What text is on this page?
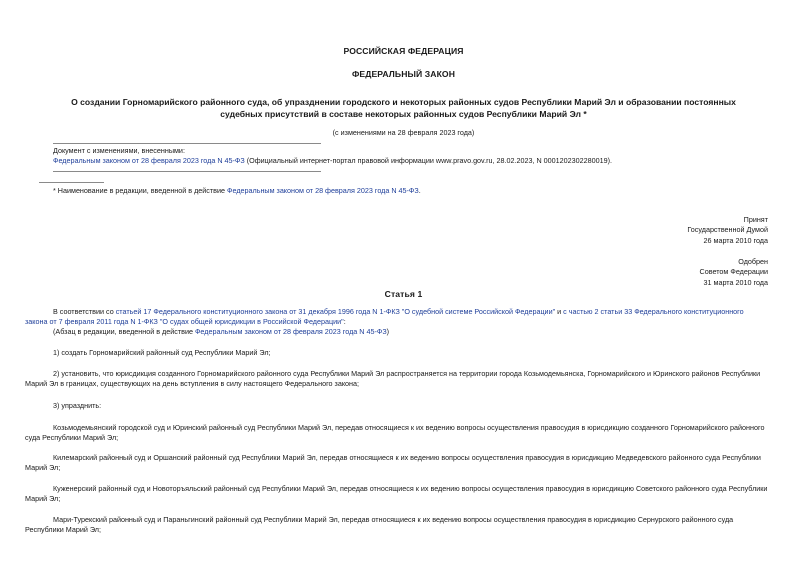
РОССИЙСКАЯ ФЕДЕРАЦИЯ
ФЕДЕРАЛЬНЫЙ ЗАКОН
О создании Горномарийского районного суда, об упразднении городского и некоторых районных судов Республики Марий Эл и образовании постоянных
судебных присутствий в составе некоторых районных судов Республики Марий Эл *
(с изменениями на 28 февраля 2023 года)
Документ с изменениями, внесенными:
Федеральным законом от 28 февраля 2023 года N 45-ФЗ (Официальный интернет-портал правовой информации www.pravo.gov.ru, 28.02.2023, N 0001202302280019).
* Наименование в редакции, введенной в действие Федеральным законом от 28 февраля 2023 года N 45-ФЗ.
Принят
Государственной Думой
26 марта 2010 года
Одобрен
Советом Федерации
31 марта 2010 года
Статья 1
В соответствии со статьей 17 Федерального конституционного закона от 31 декабря 1996 года N 1-ФКЗ "О судебной системе Российской Федерации" и с частью 2 статьи 33 Федерального конституционного
закона от 7 февраля 2011 года N 1-ФКЗ "О судах общей юрисдикции в Российской Федерации":
(Абзац в редакции, введенной в действие Федеральным законом от 28 февраля 2023 года N 45-ФЗ)
1) создать Горномарийский районный суд Республики Марий Эл;
2) установить, что юрисдикция созданного Горномарийского районного суда Республики Марий Эл распространяется на территории города Козьмодемьянска, Горномарийского и Юринского районов Республики
Марий Эл в границах, существующих на день вступления в силу настоящего Федерального закона;
3) упразднить:
Козьмодемьянский городской суд и Юринский районный суд Республики Марий Эл, передав относящиеся к их ведению вопросы осуществления правосудия в юрисдикцию созданного Горномарийского районного
суда Республики Марий Эл;
Килемарский районный суд и Оршанский районный суд Республики Марий Эл, передав относящиеся к их ведению вопросы осуществления правосудия в юрисдикцию Медведевского районного суда Республики
Марий Эл;
Куженерский районный суд и Новоторъяльский районный суд Республики Марий Эл, передав относящиеся к их ведению вопросы осуществления правосудия в юрисдикцию Советского районного суда Республики
Марий Эл;
Мари-Турекский районный суд и Параньгинский районный суд Республики Марий Эл, передав относящиеся к их ведению вопросы осуществления правосудия в юрисдикцию Сернурского районного суда
Республики Марий Эл;
